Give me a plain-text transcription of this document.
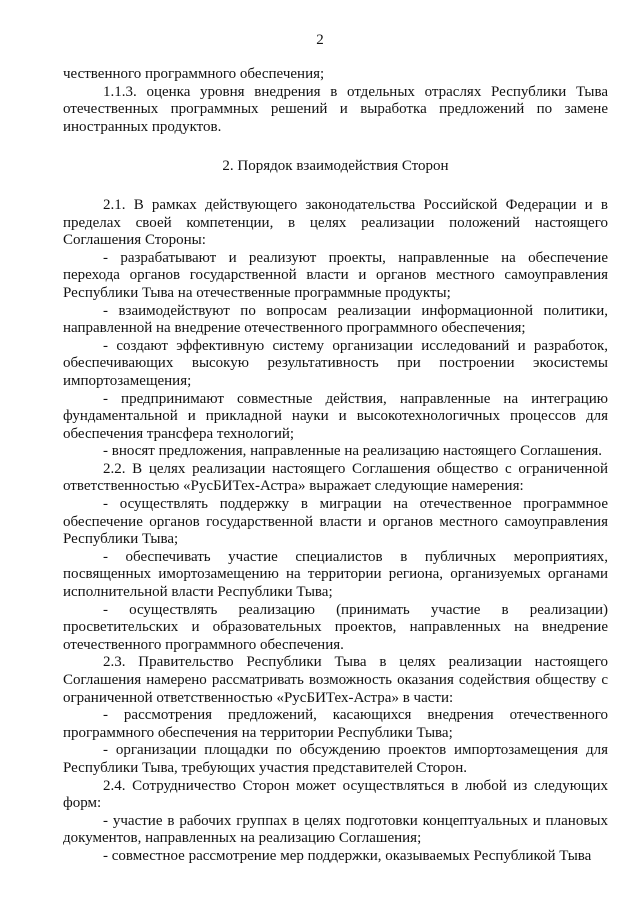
2

чественного программного обеспечения;

1.1.3. оценка уровня внедрения в отдельных отраслях Республики Тыва отечественных программных решений и выработка предложений по замене иностранных продуктов.

2. Порядок взаимодействия Сторон

2.1. В рамках действующего законодательства Российской Федерации и в пределах своей компетенции, в целях реализации положений настоящего Соглашения Стороны:

- разрабатывают и реализуют проекты, направленные на обеспечение перехода органов государственной власти и органов местного самоуправления Республики Тыва на отечественные программные продукты;

- взаимодействуют по вопросам реализации информационной политики, направленной на внедрение отечественного программного обеспечения;

- создают эффективную систему организации исследований и разработок, обеспечивающих высокую результативность при построении экосистемы импортозамещения;

- предпринимают совместные действия, направленные на интеграцию фундаментальной и прикладной науки и высокотехнологичных процессов для обеспечения трансфера технологий;

- вносят предложения, направленные на реализацию настоящего Соглашения.

2.2. В целях реализации настоящего Соглашения общество с ограниченной ответственностью «РусБИТех-Астра» выражает следующие намерения:

- осуществлять поддержку в миграции на отечественное программное обеспечение органов государственной власти и органов местного самоуправления Республики Тыва;

- обеспечивать участие специалистов в публичных мероприятиях, посвященных имортозамещению на территории региона, организуемых органами исполнительной власти Республики Тыва;

- осуществлять реализацию (принимать участие в реализации) просветительских и образовательных проектов, направленных на внедрение отечественного программного обеспечения.

2.3. Правительство Республики Тыва в целях реализации настоящего Соглашения намерено рассматривать возможность оказания содействия обществу с ограниченной ответственностью «РусБИТех-Астра» в части:

- рассмотрения предложений, касающихся внедрения отечественного программного обеспечения на территории Республики Тыва;

- организации площадки по обсуждению проектов импортозамещения для Республики Тыва, требующих участия представителей Сторон.

2.4. Сотрудничество Сторон может осуществляться в любой из следующих форм:

- участие в рабочих группах в целях подготовки концептуальных и плановых документов, направленных на реализацию Соглашения;

- совместное рассмотрение мер поддержки, оказываемых Республикой Тыва
